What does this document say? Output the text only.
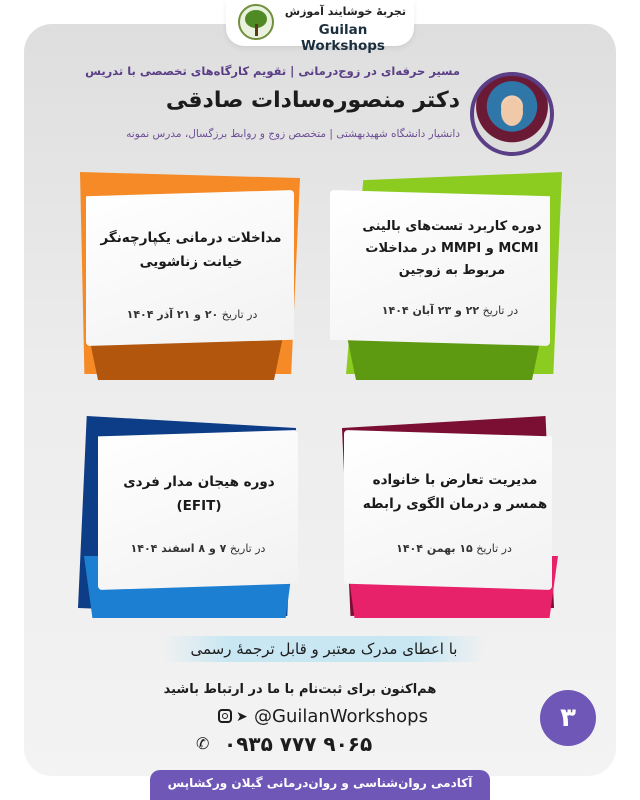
تجربهٔ خوشایند آموزش
Guilan Workshops
مسیر حرفه‌ای در زوج‌درمانی | تقویم کارگاه‌های تخصصی با تدریس
دکتر منصوره‌سادات صادقی
دانشیار دانشگاه شهیدبهشتی | متخصص زوج و روابط برزگسال، مدرس نمونه
دوره کاربرد تست‌های بالینی MCMI و MMPI در مداخلات مربوط به زوجین
در تاریخ ۲۲ و ۲۳ آبان ۱۴۰۴
مداخلات درمانی یکپارچه‌نگر خیانت زناشویی
در تاریخ ۲۰ و ۲۱ آذر ۱۴۰۴
مدیریت تعارض با خانواده همسر و درمان الگوی رابطه
در تاریخ ۱۵ بهمن ۱۴۰۴
دوره هیجان مدار فردی (EFIT)
در تاریخ ۷ و ۸ اسفند ۱۴۰۴
با اعطای مدرک معتبر و قابل ترجمهٔ رسمی
هم‌اکنون برای ثبت‌نام با ما در ارتباط باشید
➤ @GuilanWorkshops
✆ ۰۹۳۵ ۷۷۷ ۹۰۶۵
۳
آکادمی روان‌شناسی و روان‌درمانی گیلان ورکشاپس
